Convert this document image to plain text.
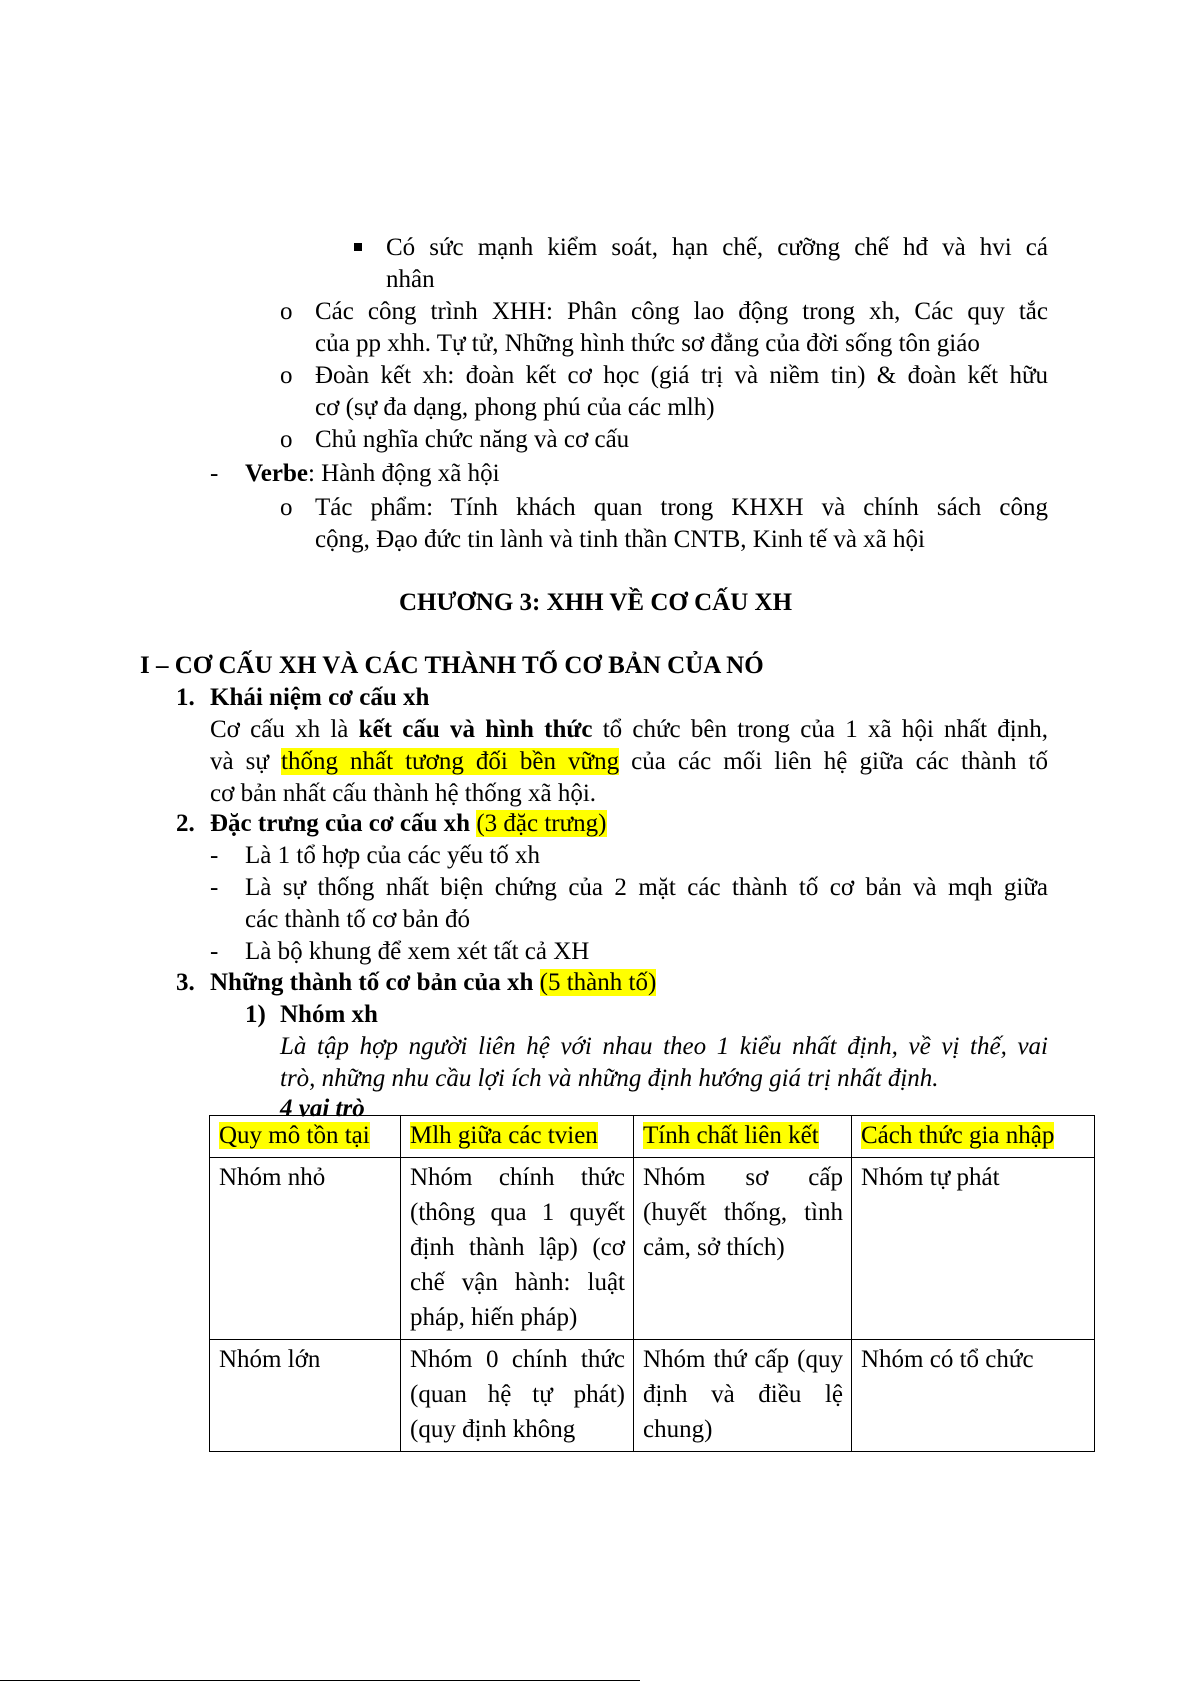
Có sức mạnh kiểm soát, hạn chế, cưỡng chế hđ và hvi cá
nhân
o Các công trình XHH: Phân công lao động trong xh, Các quy tắc
của pp xhh. Tự tử, Những hình thức sơ đẳng của đời sống tôn giáo
o Đoàn kết xh: đoàn kết cơ học (giá trị và niềm tin) & đoàn kết hữu
cơ (sự đa dạng, phong phú của các mlh)
o Chủ nghĩa chức năng và cơ cấu
- Verbe: Hành động xã hội
o Tác phẩm: Tính khách quan trong KHXH và chính sách công
cộng, Đạo đức tin lành và tinh thần CNTB, Kinh tế và xã hội
CHƯƠNG 3: XHH VỀ CƠ CẤU XH
I – CƠ CẤU XH VÀ CÁC THÀNH TỐ CƠ BẢN CỦA NÓ
1. Khái niệm cơ cấu xh
Cơ cấu xh là kết cấu và hình thức tổ chức bên trong của 1 xã hội nhất định,
và sự thống nhất tương đối bền vững của các mối liên hệ giữa các thành tố
cơ bản nhất cấu thành hệ thống xã hội.
2. Đặc trưng của cơ cấu xh (3 đặc trưng)
- Là 1 tổ hợp của các yếu tố xh
- Là sự thống nhất biện chứng của 2 mặt các thành tố cơ bản và mqh giữa
các thành tố cơ bản đó
- Là bộ khung để xem xét tất cả XH
3. Những thành tố cơ bản của xh (5 thành tố)
1) Nhóm xh
Là tập hợp người liên hệ với nhau theo 1 kiểu nhất định, về vị thế, vai
trò, những nhu cầu lợi ích và những định hướng giá trị nhất định.
4 vai trò
Quy mô tồn tại	Mlh giữa các tvien	Tính chất liên kết	Cách thức gia nhập
Nhóm nhỏ	Nhóm chính thức (thông qua 1 quyết định thành lập) (cơ chế vận hành: luật pháp, hiến pháp)	Nhóm sơ cấp (huyết thống, tình cảm, sở thích)	Nhóm tự phát
Nhóm lớn	Nhóm 0 chính thức (quan hệ tự phát) (quy định không	Nhóm thứ cấp (quy định và điều lệ chung)	Nhóm có tổ chức
